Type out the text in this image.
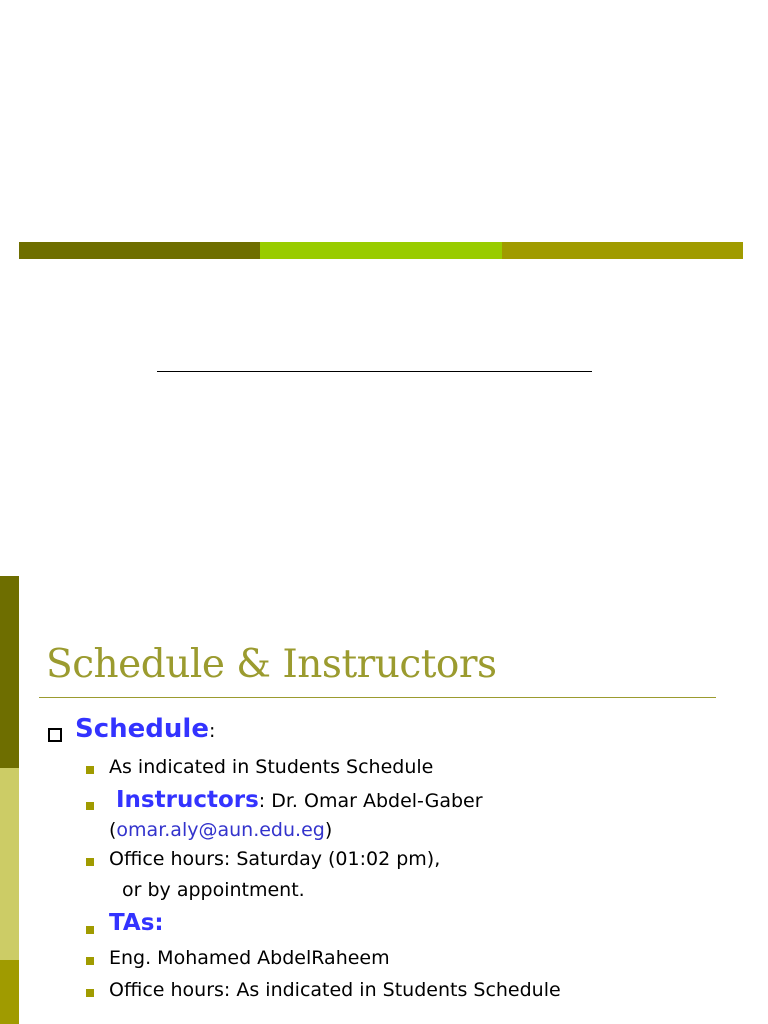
Schedule & Instructors
Schedule:
As indicated in Students Schedule
Instructors: Dr. Omar Abdel-Gaber
(omar.aly@aun.edu.eg)
Office hours: Saturday (01:02 pm),
or by appointment.
TAs:
Eng. Mohamed AbdelRaheem
Office hours: As indicated in Students Schedule
